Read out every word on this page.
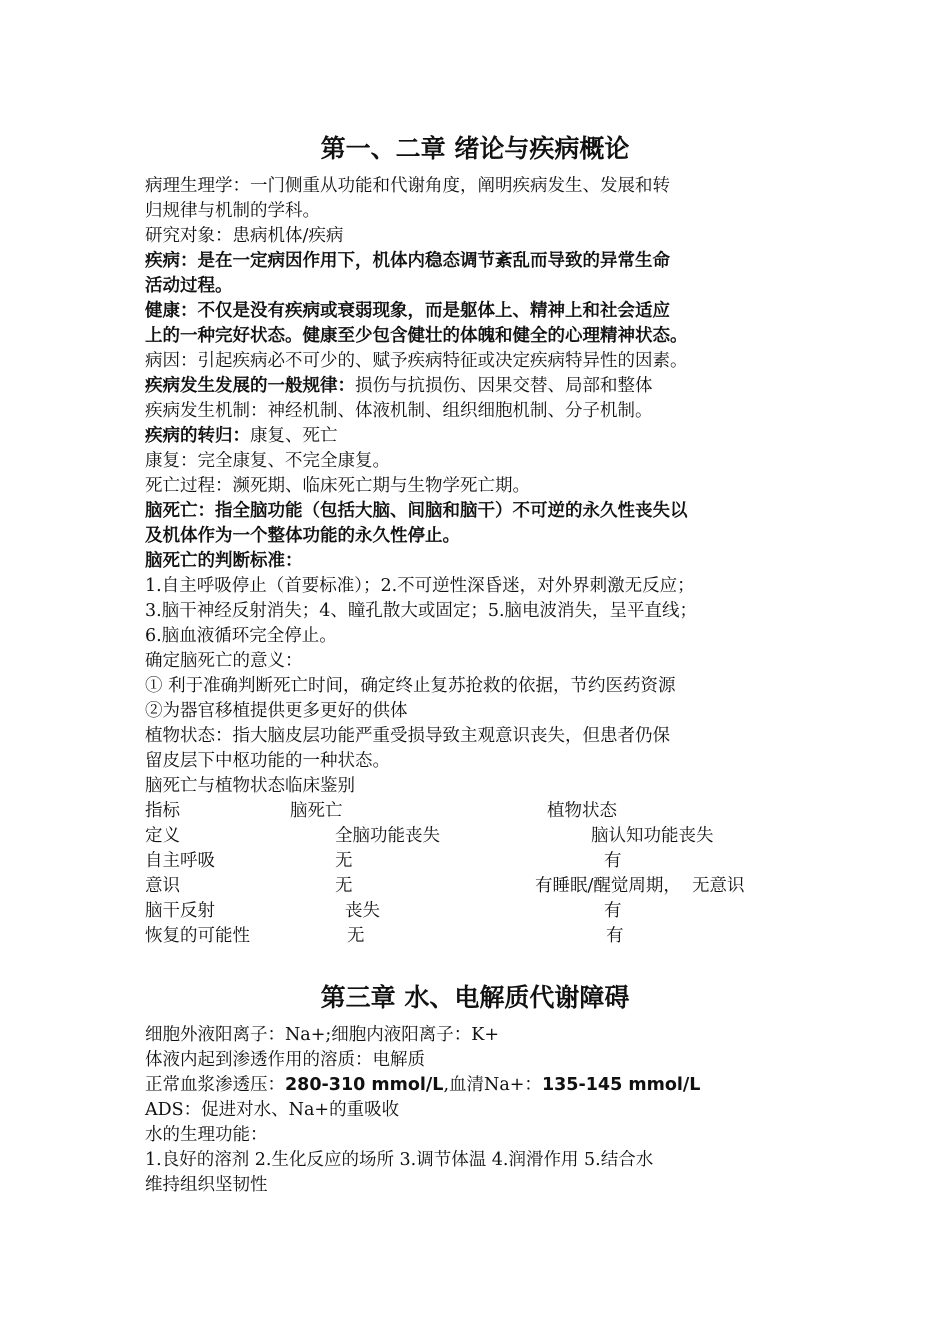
第一、二章 绪论与疾病概论

病理生理学：一门侧重从功能和代谢角度，阐明疾病发生、发展和转

归规律与机制的学科。

研究对象：患病机体/疾病

疾病：是在一定病因作用下，机体内稳态调节紊乱而导致的异常生命

活动过程。

健康：不仅是没有疾病或衰弱现象，而是躯体上、精神上和社会适应

上的一种完好状态。健康至少包含健壮的体魄和健全的心理精神状态。

病因：引起疾病必不可少的、赋予疾病特征或决定疾病特异性的因素。

疾病发生发展的一般规律：损伤与抗损伤、因果交替、局部和整体

疾病发生机制：神经机制、体液机制、组织细胞机制、分子机制。

疾病的转归：康复、死亡

康复：完全康复、不完全康复。

死亡过程：濒死期、临床死亡期与生物学死亡期。

脑死亡：指全脑功能（包括大脑、间脑和脑干）不可逆的永久性丧失以

及机体作为一个整体功能的永久性停止。

脑死亡的判断标准：

1.自主呼吸停止（首要标准）；2.不可逆性深昏迷，对外界刺激无反应；

3.脑干神经反射消失；4、瞳孔散大或固定；5.脑电波消失，呈平直线；

6.脑血液循环完全停止。

确定脑死亡的意义：

① 利于准确判断死亡时间，确定终止复苏抢救的依据，节约医药资源

②为器官移植提供更多更好的供体

植物状态：指大脑皮层功能严重受损导致主观意识丧失，但患者仍保

留皮层下中枢功能的一种状态。

脑死亡与植物状态临床鉴别

指标	脑死亡	植物状态
定义	全脑功能丧失	脑认知功能丧失
自主呼吸	无	有
意识	无	有睡眠/醒觉周期，  无意识
脑干反射	丧失	有
恢复的可能性	无	有
第三章 水、电解质代谢障碍

细胞外液阳离子：Na+;细胞内液阳离子：K+

体液内起到渗透作用的溶质：电解质

正常血浆渗透压：280-310 mmol/L,血清Na+：135-145 mmol/L

ADS：促进对水、Na+的重吸收

水的生理功能：

1.良好的溶剂 2.生化反应的场所 3.调节体温 4.润滑作用 5.结合水

维持组织坚韧性
